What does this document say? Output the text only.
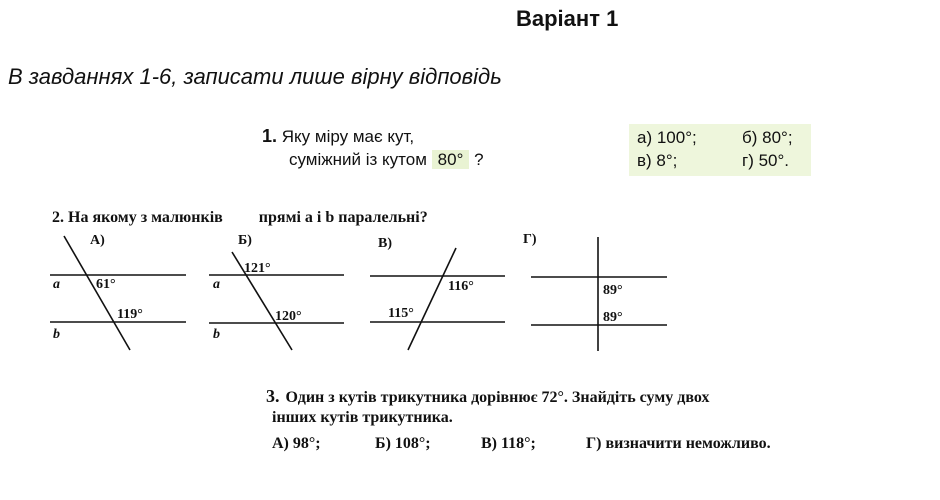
Варіант 1
В завданнях 1-6, записати лише вірну відповідь
1. Яку міру має кут,
суміжний із кутом 80° ?
а) 100°;	б) 80°;
в) 8°;	г) 50°.
2. На якому з малюнків прямі a і b паралельні?
А)
a
b
61°
119°
Б)
a
b
121°
120°
В)
116°
115°
Г)
89°
89°
3. Один з кутів трикутника дорівнює 72°. Знайдіть суму двох
інших кутів трикутника.
А) 98°;	Б) 108°;	В) 118°;	Г) визначити неможливо.
